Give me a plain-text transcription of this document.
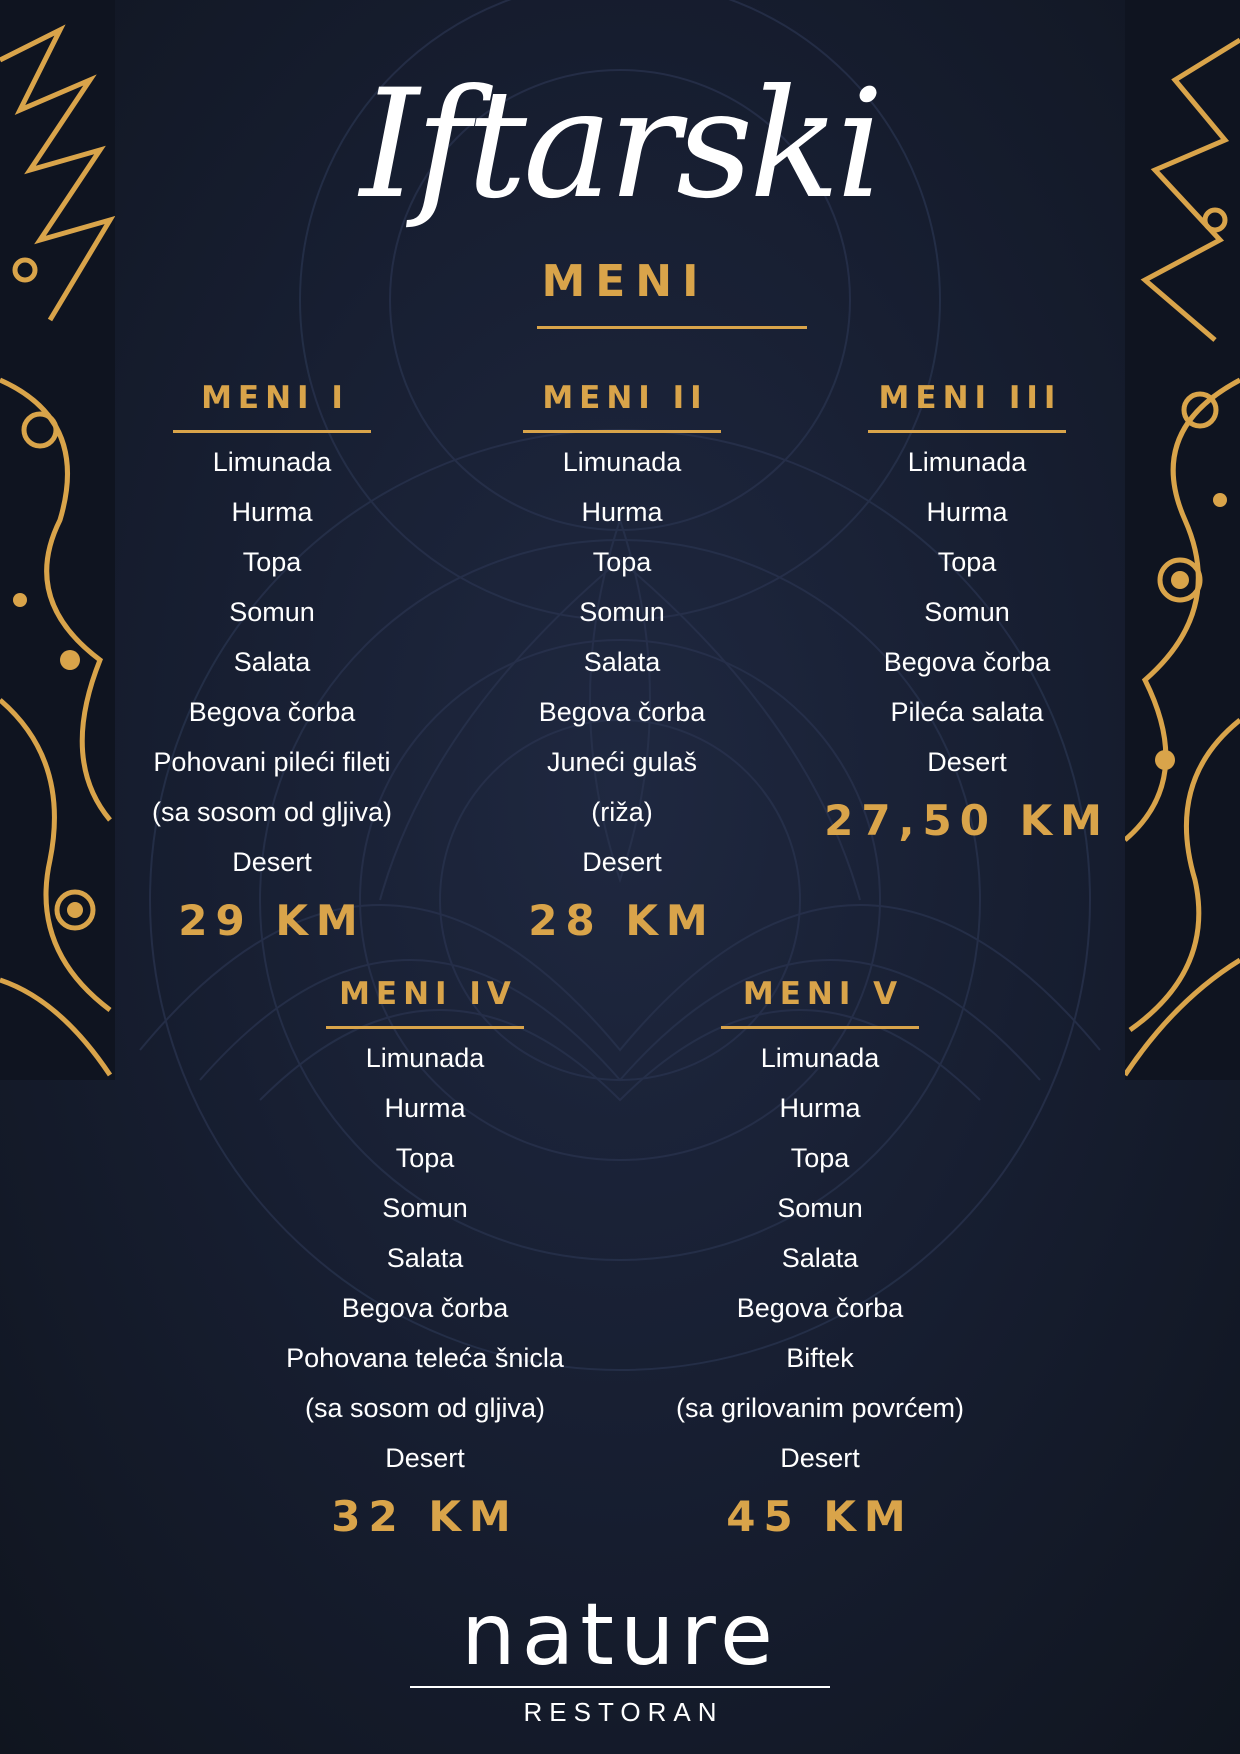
Iftarski
MENI
MENI I
Limunada
Hurma
Topa
Somun
Salata
Begova čorba
Pohovani pileći fileti
(sa sosom od gljiva)
Desert
29 KM
MENI II
Limunada
Hurma
Topa
Somun
Salata
Begova čorba
Juneći gulaš
(riža)
Desert
28 KM
MENI III
Limunada
Hurma
Topa
Somun
Begova čorba
Pileća salata
Desert
27,50 KM
MENI IV
Limunada
Hurma
Topa
Somun
Salata
Begova čorba
Pohovana teleća šnicla
(sa sosom od gljiva)
Desert
32 KM
MENI V
Limunada
Hurma
Topa
Somun
Salata
Begova čorba
Biftek
(sa grilovanim povrćem)
Desert
45 KM
nature
RESTORAN
